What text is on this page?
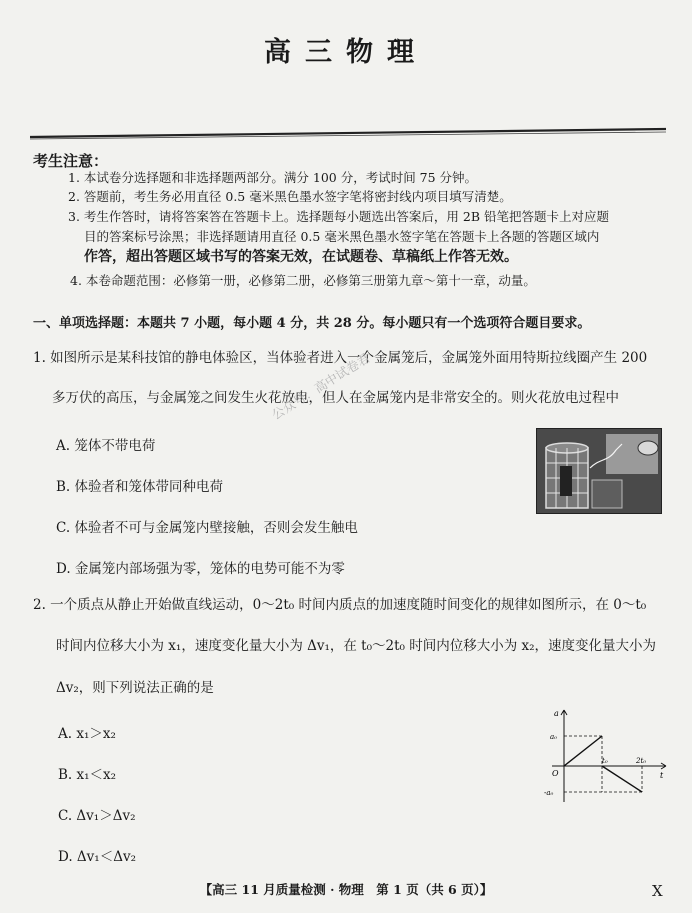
高三物理
考生注意：
1. 本试卷分选择题和非选择题两部分。满分 100 分，考试时间 75 分钟。
2. 答题前，考生务必用直径 0.5 毫米黑色墨水签字笔将密封线内项目填写清楚。
3. 考生作答时，请将答案答在答题卡上。选择题每小题选出答案后，用 2B 铅笔把答题卡上对应题
目的答案标号涂黑；非选择题请用直径 0.5 毫米黑色墨水签字笔在答题卡上各题的答题区域内
作答，超出答题区域书写的答案无效，在试题卷、草稿纸上作答无效。
4. 本卷命题范围：必修第一册，必修第二册，必修第三册第九章～第十一章，动量。
一、单项选择题：本题共 7 小题，每小题 4 分，共 28 分。每小题只有一个选项符合题目要求。
1. 如图所示是某科技馆的静电体验区，当体验者进入一个金属笼后，金属笼外面用特斯拉线圈产生 200
多万伏的高压，与金属笼之间发生火花放电，但人在金属笼内是非常安全的。则火花放电过程中
公众号：高中试卷君
A. 笼体不带电荷
B. 体验者和笼体带同种电荷
C. 体验者不可与金属笼内壁接触，否则会发生触电
D. 金属笼内部场强为零，笼体的电势可能不为零
2. 一个质点从静止开始做直线运动，0～2t₀ 时间内质点的加速度随时间变化的规律如图所示，在 0～t₀
时间内位移大小为 x₁，速度变化量大小为 Δv₁，在 t₀～2t₀ 时间内位移大小为 x₂，速度变化量大小为
Δv₂，则下列说法正确的是
A. x₁＞x₂
B. x₁＜x₂
C. Δv₁＞Δv₂
D. Δv₁＜Δv₂
a
t
O
a₀
-a₀
t₀	2t₀
【高三 11 月质量检测 · 物理　第 1 页（共 6 页）】	X
